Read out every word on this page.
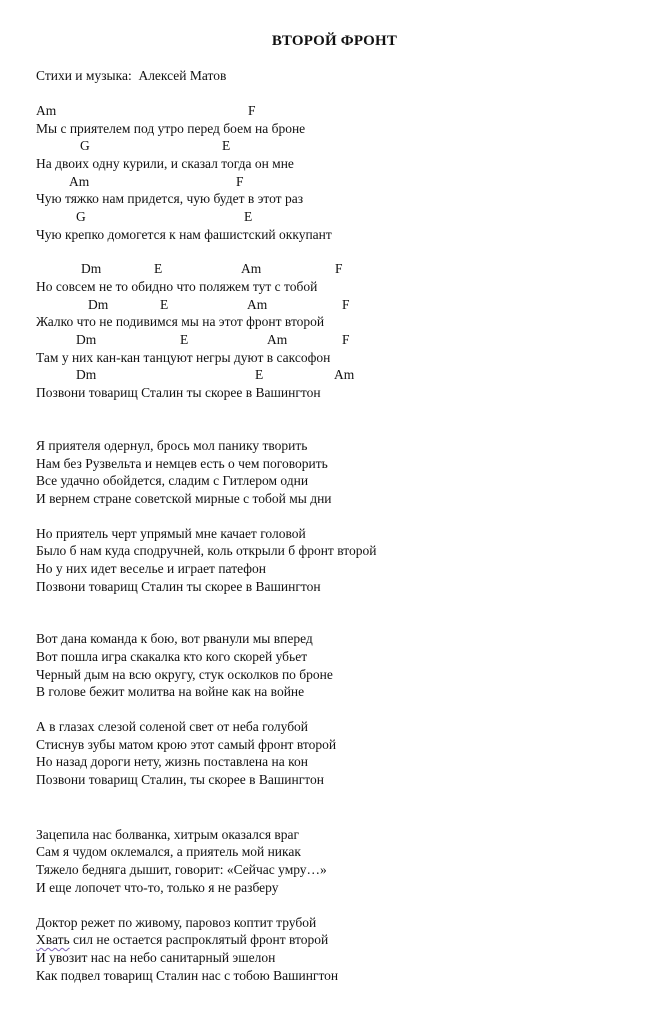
ВТОРОЙ ФРОНТ
Стихи и музыка:  Алексей Матов
Am	F
Мы с приятелем под утро перед боем на броне
G	E
На двоих одну курили, и сказал тогда он мне
Am	F
Чую тяжко нам придется, чую будет в этот раз
G	E
Чую крепко домогется к нам фашистский оккупант
Dm	E	Am	F
Но совсем не то обидно что поляжем тут с тобой
Dm	E	Am	F
Жалко что не подивимся мы на этот фронт второй
Dm	E	Am	F
Там у них кан-кан танцуют негры дуют в саксофон
Dm	E	Am
Позвони товарищ Сталин ты скорее в Вашингтон
Я приятеля одернул, брось мол панику творить
Нам без Рузвельта и немцев есть о чем поговорить
Все удачно обойдется, сладим с Гитлером одни
И вернем стране советской мирные с тобой мы дни
Но приятель черт упрямый мне качает головой
Было б нам куда сподручней, коль открыли б фронт второй
Но у них идет веселье и играет патефон
Позвони товарищ Сталин ты скорее в Вашингтон
Вот дана команда к бою, вот рванули мы вперед
Вот пошла игра скакалка кто кого скорей убьет
Черный дым на всю округу, стук осколков по броне
В голове бежит молитва на войне как на войне
А в глазах слезой соленой свет от неба голубой
Стиснув зубы матом крою этот самый фронт второй
Но назад дороги нету, жизнь поставлена на кон
Позвони товарищ Сталин, ты скорее в Вашингтон
Зацепила нас болванка, хитрым оказался враг
Сам я чудом оклемался, а приятель мой никак
Тяжело бедняга дышит, говорит: «Сейчас умру…»
И еще лопочет что-то, только я не разберу
Доктор режет по живому, паровоз коптит трубой
Хвать сил не остается распроклятый фронт второй
И увозит нас на небо санитарный эшелон
Как подвел товарищ Сталин нас с тобою Вашингтон
